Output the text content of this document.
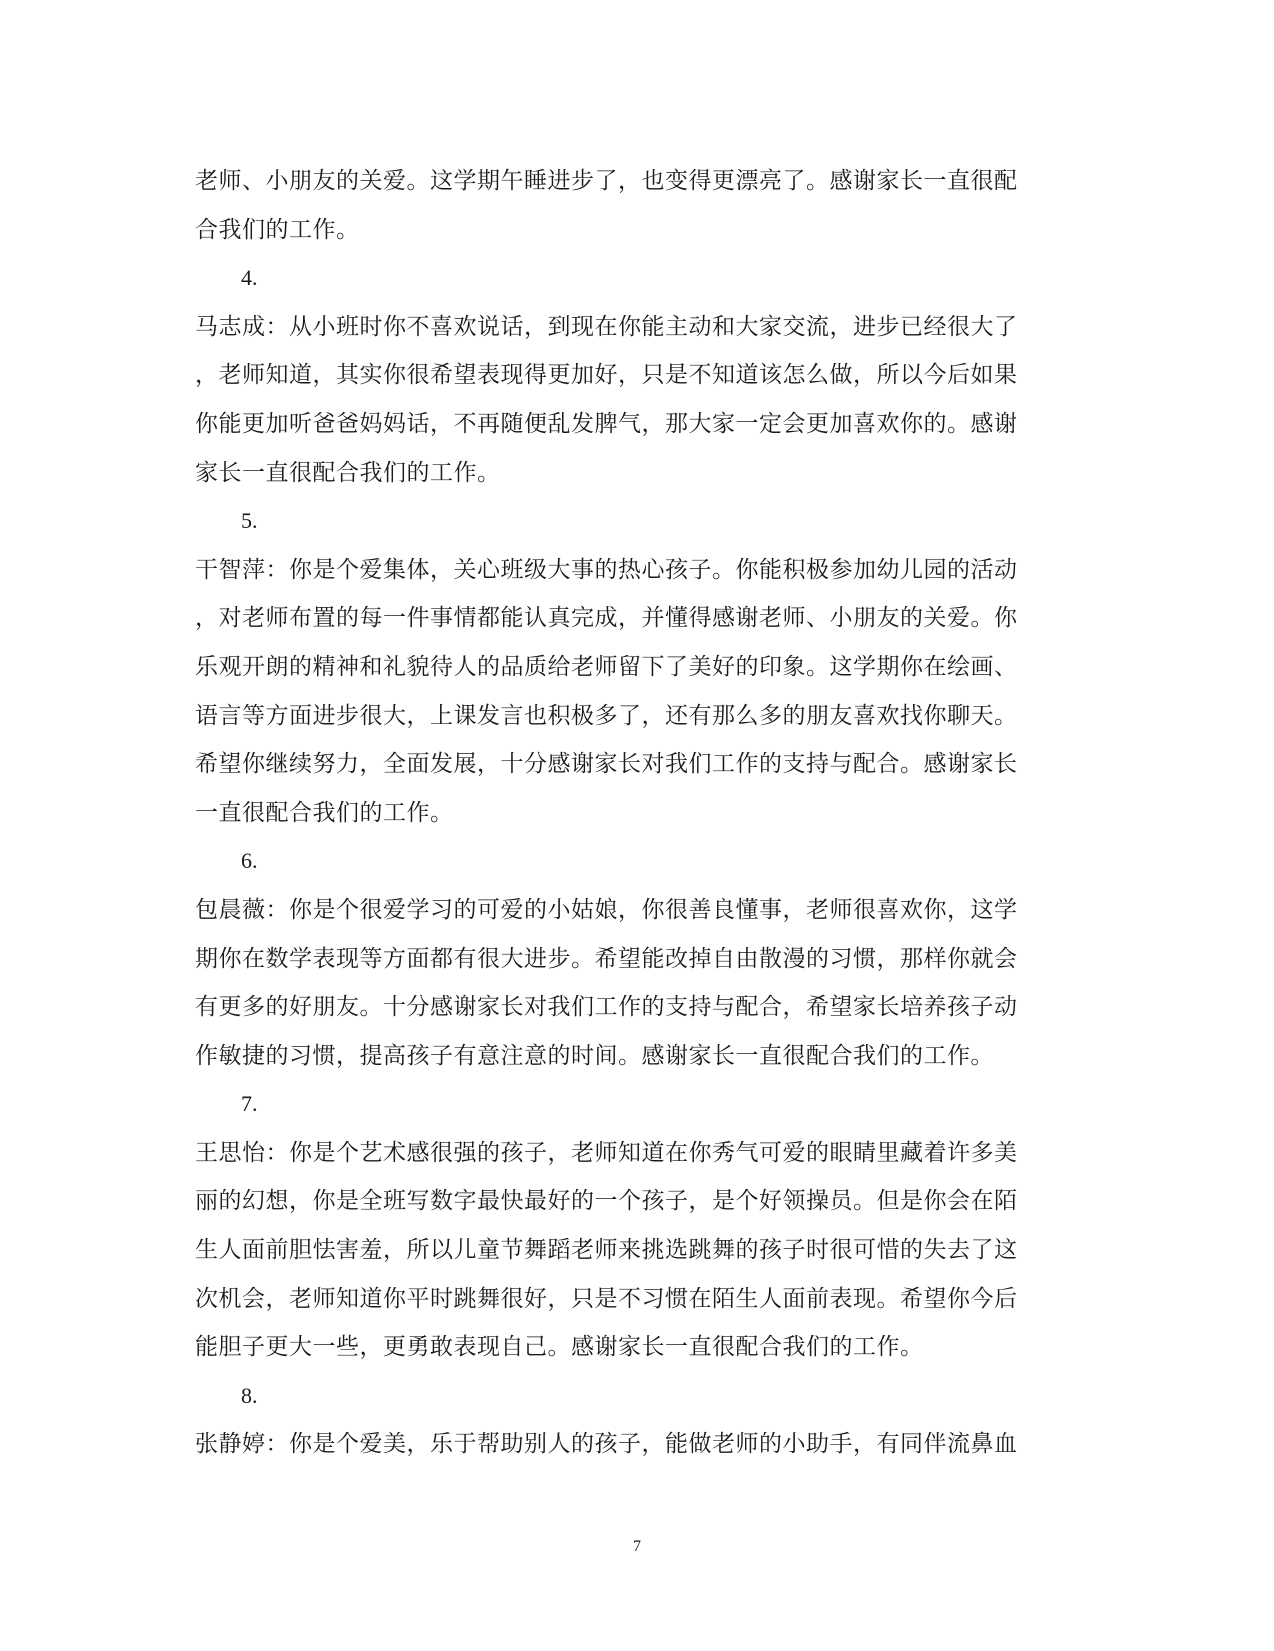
老师、小朋友的关爱。这学期午睡进步了，也变得更漂亮了。感谢家长一直很配
合我们的工作。
4.
马志成：从小班时你不喜欢说话，到现在你能主动和大家交流，进步已经很大了
，老师知道，其实你很希望表现得更加好，只是不知道该怎么做，所以今后如果
你能更加听爸爸妈妈话，不再随便乱发脾气，那大家一定会更加喜欢你的。感谢
家长一直很配合我们的工作。
5.
干智萍：你是个爱集体，关心班级大事的热心孩子。你能积极参加幼儿园的活动
，对老师布置的每一件事情都能认真完成，并懂得感谢老师、小朋友的关爱。你
乐观开朗的精神和礼貌待人的品质给老师留下了美好的印象。这学期你在绘画、
语言等方面进步很大，上课发言也积极多了，还有那么多的朋友喜欢找你聊天。
希望你继续努力，全面发展，十分感谢家长对我们工作的支持与配合。感谢家长
一直很配合我们的工作。
6.
包晨薇：你是个很爱学习的可爱的小姑娘，你很善良懂事，老师很喜欢你，这学
期你在数学表现等方面都有很大进步。希望能改掉自由散漫的习惯，那样你就会
有更多的好朋友。十分感谢家长对我们工作的支持与配合，希望家长培养孩子动
作敏捷的习惯，提高孩子有意注意的时间。感谢家长一直很配合我们的工作。
7.
王思怡：你是个艺术感很强的孩子，老师知道在你秀气可爱的眼睛里藏着许多美
丽的幻想，你是全班写数字最快最好的一个孩子，是个好领操员。但是你会在陌
生人面前胆怯害羞，所以儿童节舞蹈老师来挑选跳舞的孩子时很可惜的失去了这
次机会，老师知道你平时跳舞很好，只是不习惯在陌生人面前表现。希望你今后
能胆子更大一些，更勇敢表现自己。感谢家长一直很配合我们的工作。
8.
张静婷：你是个爱美，乐于帮助别人的孩子，能做老师的小助手，有同伴流鼻血
7
